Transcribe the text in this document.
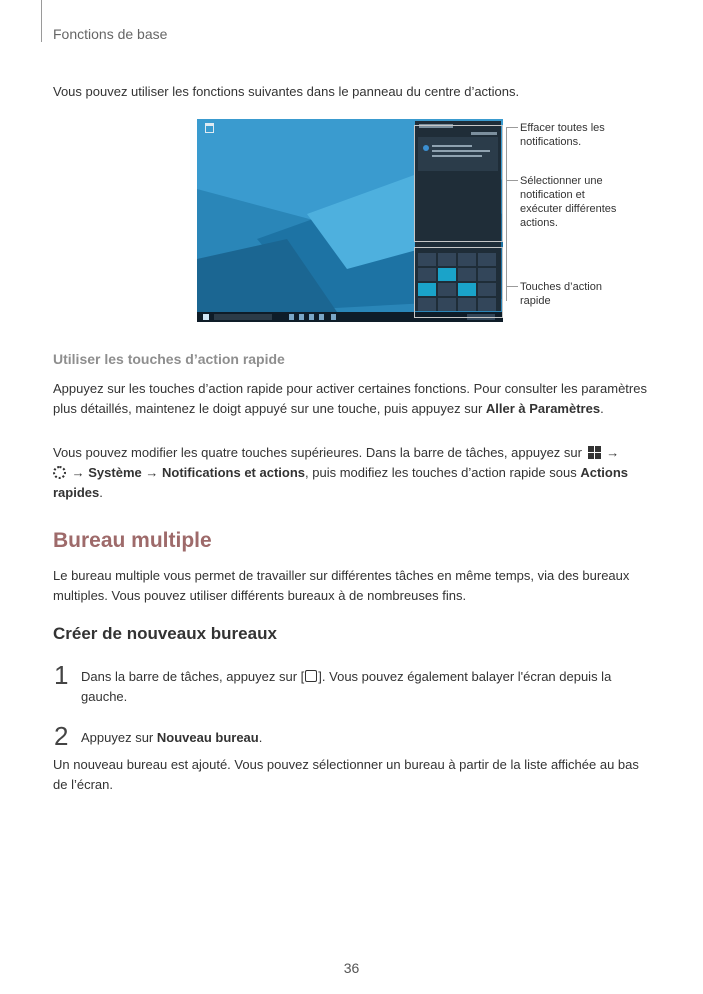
Fonctions de base
Vous pouvez utiliser les fonctions suivantes dans le panneau du centre d’actions.
Effacer toutes les
notifications.
Sélectionner une
notification et
exécuter différentes
actions.
Touches d’action
rapide
Utiliser les touches d’action rapide
Appuyez sur les touches d’action rapide pour activer certaines fonctions. Pour consulter les paramètres plus détaillés, maintenez le doigt appuyé sur une touche, puis appuyez sur Aller à Paramètres.
Vous pouvez modifier les quatre touches supérieures. Dans la barre de tâches, appuyez sur →
→ Système → Notifications et actions, puis modifiez les touches d’action rapide sous Actions rapides.
Bureau multiple
Le bureau multiple vous permet de travailler sur différentes tâches en même temps, via des bureaux multiples. Vous pouvez utiliser différents bureaux à de nombreuses fins.
Créer de nouveaux bureaux
1 Dans la barre de tâches, appuyez sur [ ]. Vous pouvez également balayer l'écran depuis la gauche.
2 Appuyez sur Nouveau bureau.
Un nouveau bureau est ajouté. Vous pouvez sélectionner un bureau à partir de la liste affichée au bas de l’écran.
36
